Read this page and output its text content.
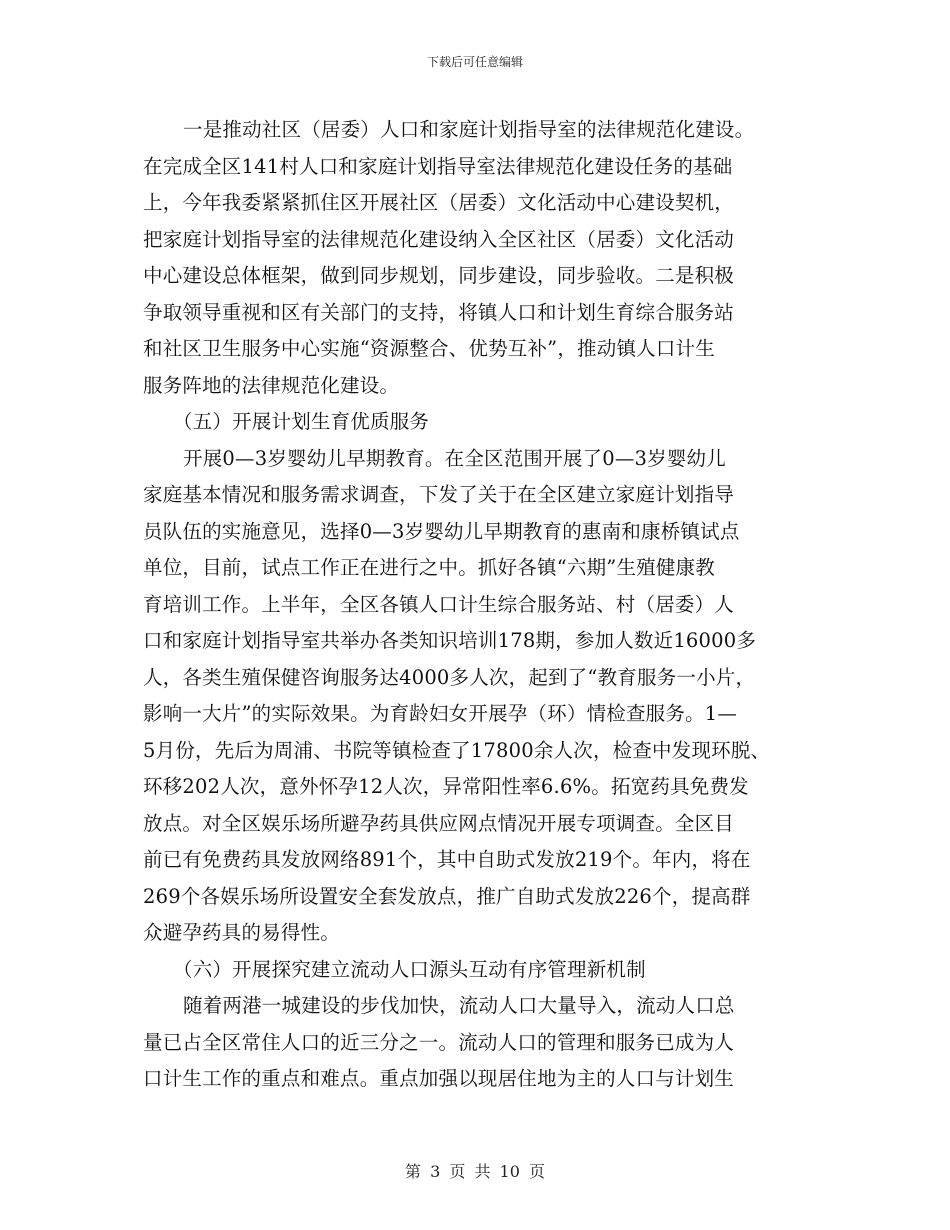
下载后可任意编辑
一是推动社区（居委）人口和家庭计划指导室的法律规范化建设。
在完成全区141村人口和家庭计划指导室法律规范化建设任务的基础
上，今年我委紧紧抓住区开展社区（居委）文化活动中心建设契机，
把家庭计划指导室的法律规范化建设纳入全区社区（居委）文化活动
中心建设总体框架，做到同步规划，同步建设，同步验收。二是积极
争取领导重视和区有关部门的支持，将镇人口和计划生育综合服务站
和社区卫生服务中心实施“资源整合、优势互补”，推动镇人口计生
服务阵地的法律规范化建设。
（五）开展计划生育优质服务
开展0—3岁婴幼儿早期教育。在全区范围开展了0—3岁婴幼儿
家庭基本情况和服务需求调查，下发了关于在全区建立家庭计划指导
员队伍的实施意见，选择0—3岁婴幼儿早期教育的惠南和康桥镇试点
单位，目前，试点工作正在进行之中。抓好各镇“六期”生殖健康教
育培训工作。上半年，全区各镇人口计生综合服务站、村（居委）人
口和家庭计划指导室共举办各类知识培训178期，参加人数近16000多
人，各类生殖保健咨询服务达4000多人次，起到了“教育服务一小片，
影响一大片”的实际效果。为育龄妇女开展孕（环）情检查服务。1—
5月份，先后为周浦、书院等镇检查了17800余人次，检查中发现环脱、
环移202人次，意外怀孕12人次，异常阳性率6.6%。拓宽药具免费发
放点。对全区娱乐场所避孕药具供应网点情况开展专项调查。全区目
前已有免费药具发放网络891个，其中自助式发放219个。年内，将在
269个各娱乐场所设置安全套发放点，推广自助式发放226个，提高群
众避孕药具的易得性。
（六）开展探究建立流动人口源头互动有序管理新机制
随着两港一城建设的步伐加快，流动人口大量导入，流动人口总
量已占全区常住人口的近三分之一。流动人口的管理和服务已成为人
口计生工作的重点和难点。重点加强以现居住地为主的人口与计划生
第 3 页 共 10 页
